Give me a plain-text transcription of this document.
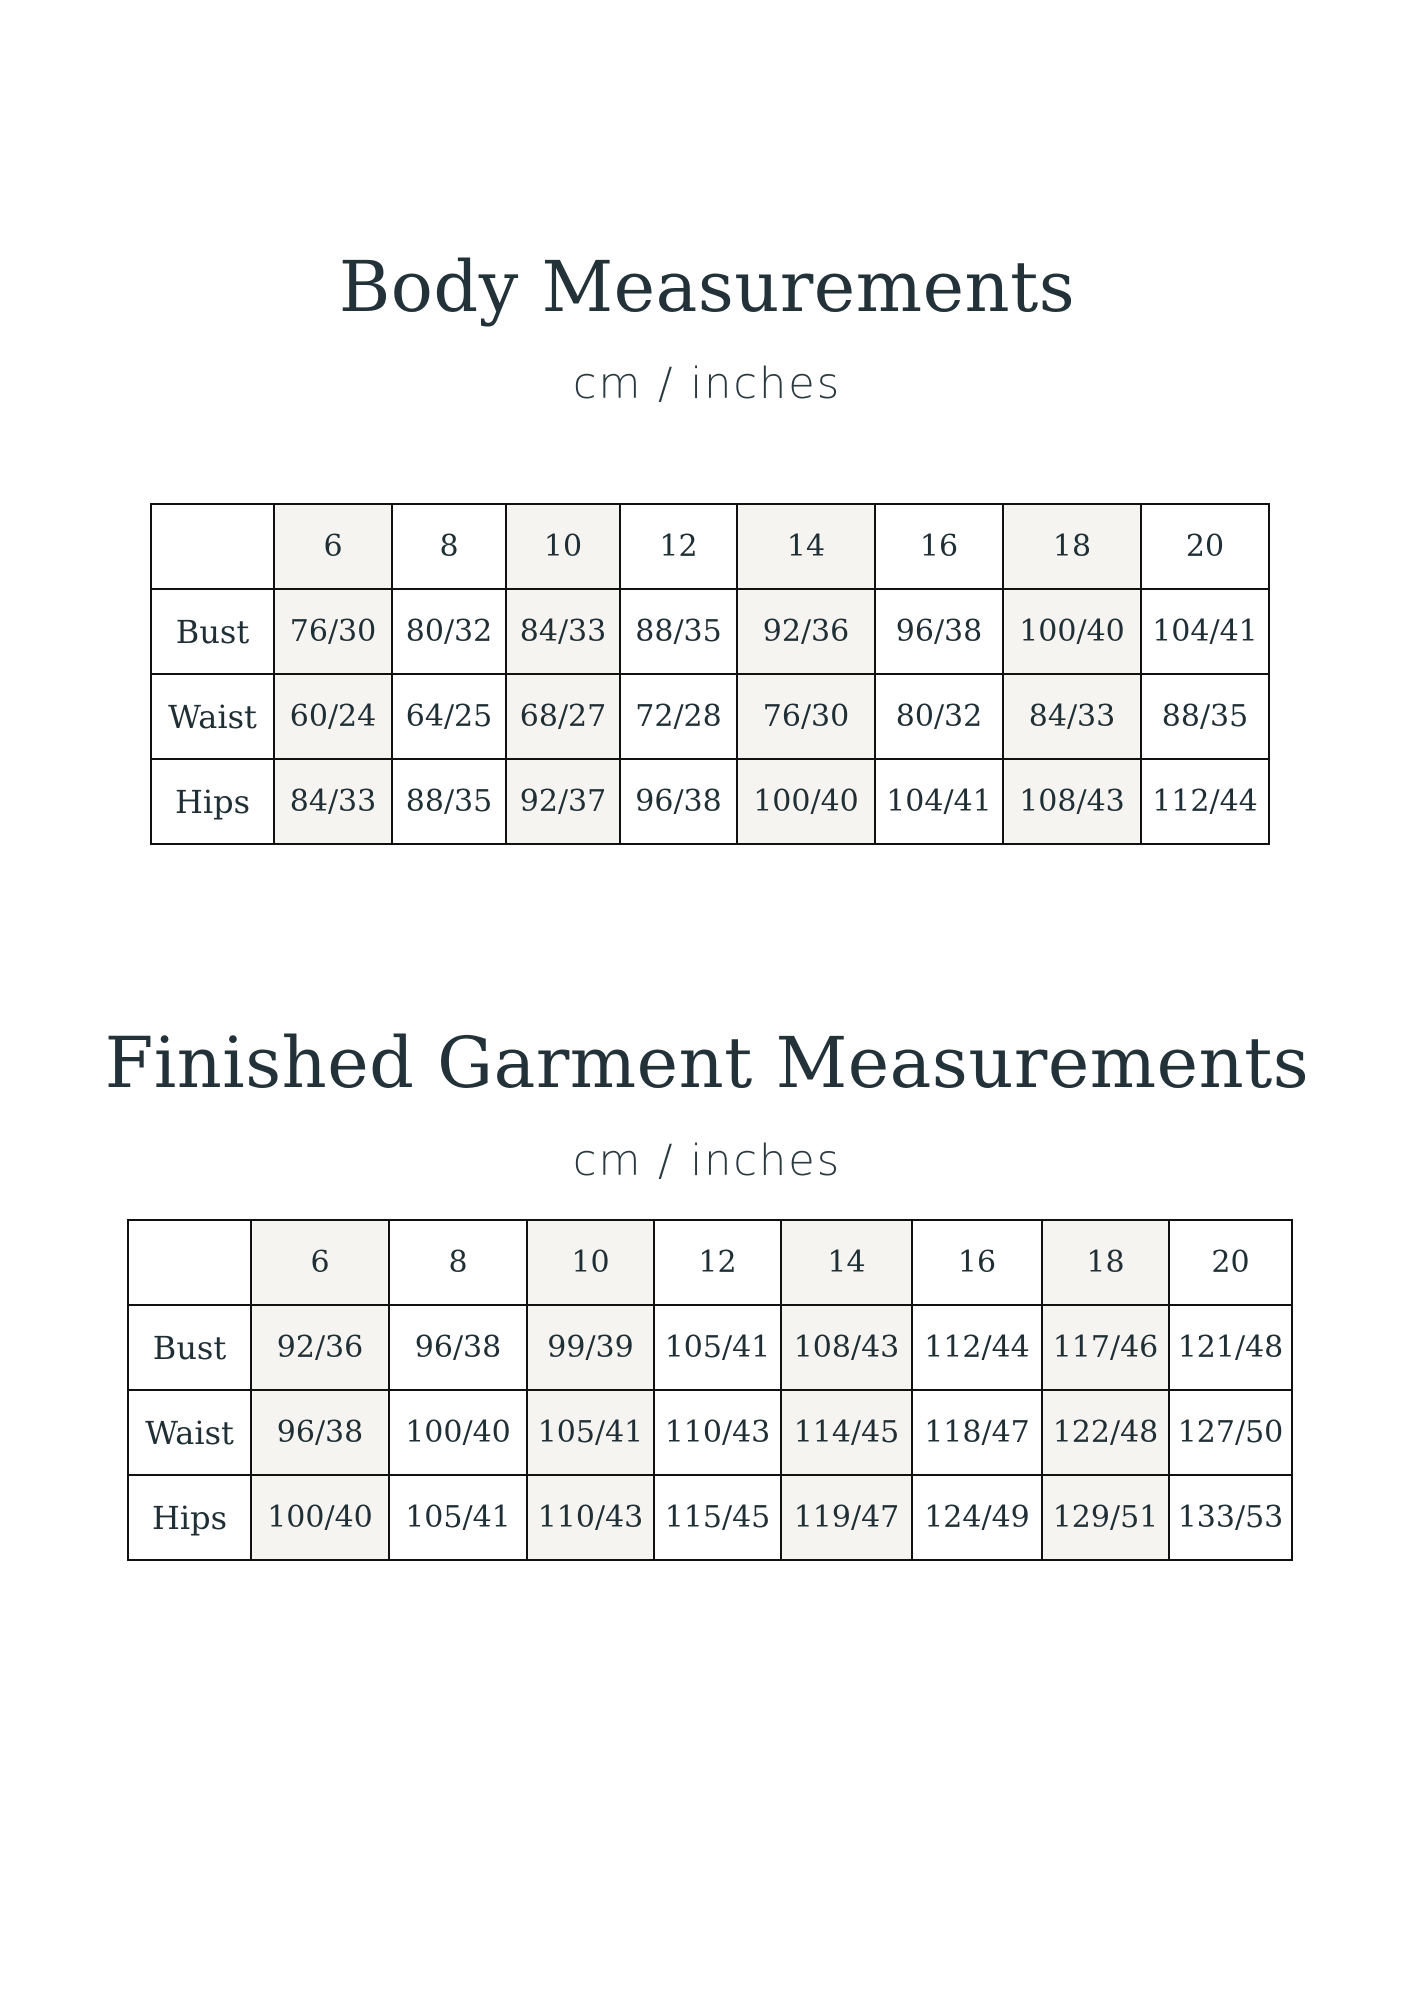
Body Measurements
cm / inches
	6	8	10	12	14	16	18	20
Bust	76/30	80/32	84/33	88/35	92/36	96/38	100/40	104/41
Waist	60/24	64/25	68/27	72/28	76/30	80/32	84/33	88/35
Hips	84/33	88/35	92/37	96/38	100/40	104/41	108/43	112/44
Finished Garment Measurements
cm / inches
	6	8	10	12	14	16	18	20
Bust	92/36	96/38	99/39	105/41	108/43	112/44	117/46	121/48
Waist	96/38	100/40	105/41	110/43	114/45	118/47	122/48	127/50
Hips	100/40	105/41	110/43	115/45	119/47	124/49	129/51	133/53
